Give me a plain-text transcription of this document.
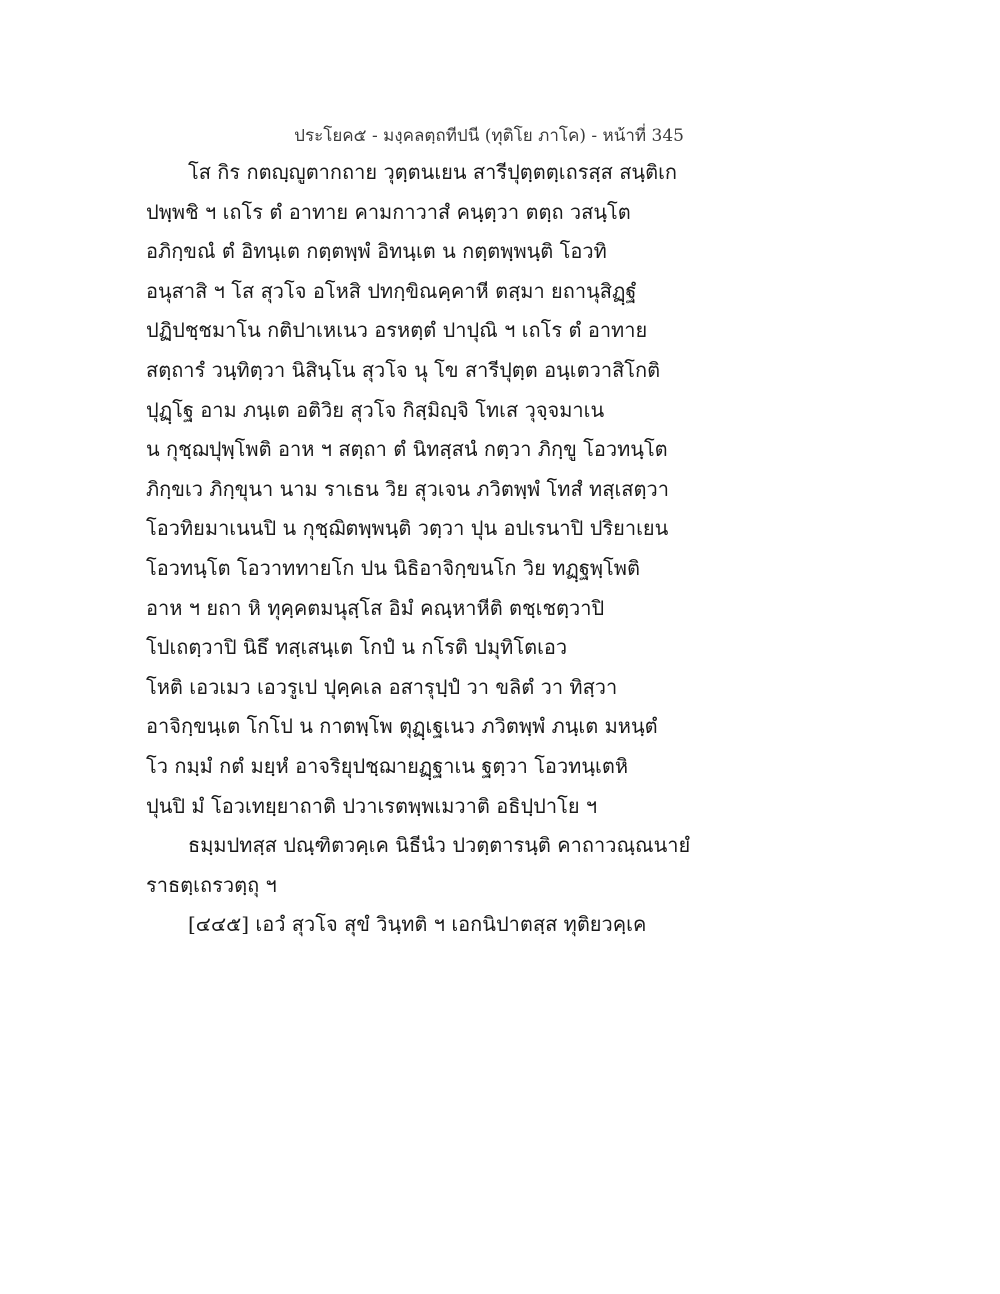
ประโยค๕ - มงฺคลตฺถทีปนี (ทุติโย ภาโค) - หน้าที่ 345
โส กิร กตญฺญูตากถาย วุตฺตนเยน สารีปุตฺตตฺเถรสฺส สนฺติเก
ปพฺพชิ ฯ เถโร ตํ อาทาย คามกาวาสํ คนฺตฺวา ตตฺถ วสนฺโต
อภิกฺขณํ ตํ อิทนฺเต กตฺตพฺพํ อิทนฺเต น กตฺตพฺพนฺติ โอวทิ
อนุสาสิ ฯ โส สุวโจ อโหสิ ปทกฺขิณคฺคาหี ตสฺมา ยถานุสิฏฺฐํ
ปฏิปชฺชมาโน กติปาเหเนว อรหตฺตํ ปาปุณิ ฯ เถโร ตํ อาทาย
สตฺถารํ วนฺทิตฺวา นิสินฺโน สุวโจ นุ โข สารีปุตฺต อนฺเตวาสิโกติ
ปุฏฺโฐ อาม ภนฺเต อติวิย สุวโจ กิสฺมิญฺจิ โทเส วุจฺจมาเน
น กุชฺฌปุพฺโพติ อาห ฯ สตฺถา ตํ นิทสฺสนํ กตฺวา ภิกฺขู โอวทนฺโต
ภิกฺขเว ภิกฺขุนา นาม ราเธน วิย สุวเจน ภวิตพฺพํ โทสํ ทสฺเสตฺวา
โอวทิยมาเนนปิ น กุชฺฌิตพฺพนฺติ วตฺวา ปุน อปเรนาปิ ปริยาเยน
โอวทนฺโต โอวาททายโก ปน นิธิอาจิกฺขนโก วิย ทฏฺฐพฺโพติ
อาห ฯ ยถา หิ ทุคฺคตมนุสฺโส อิมํ คณฺหาหีติ ตชฺเชตฺวาปิ
โปเถตฺวาปิ นิธึ ทสฺเสนฺเต โกปํ น กโรติ ปมุทิโตเอว
โหติ เอวเมว เอวรูเป ปุคฺคเล อสารุปฺปํ วา ขลิตํ วา ทิสฺวา
อาจิกฺขนฺเต โกโป น กาตพฺโพ ตุฏฺเฐเนว ภวิตพฺพํ ภนฺเต มหนฺตํ
โว กมฺมํ กตํ มยฺหํ อาจริยุปชฺฌายฏฺฐาเน ฐตฺวา โอวทนฺเตหิ
ปุนปิ มํ โอวเทยฺยาถาติ ปวาเรตพฺพเมวาติ อธิปฺปาโย ฯ
ธมฺมปทสฺส ปณฺฑิตวคฺเค นิธีนํว ปวตฺตารนฺติ คาถาวณฺณนายํ
ราธตฺเถรวตฺถุ ฯ
[๔๔๕] เอวํ สุวโจ สุขํ วินฺทติ ฯ เอกนิปาตสฺส ทุติยวคฺเค
